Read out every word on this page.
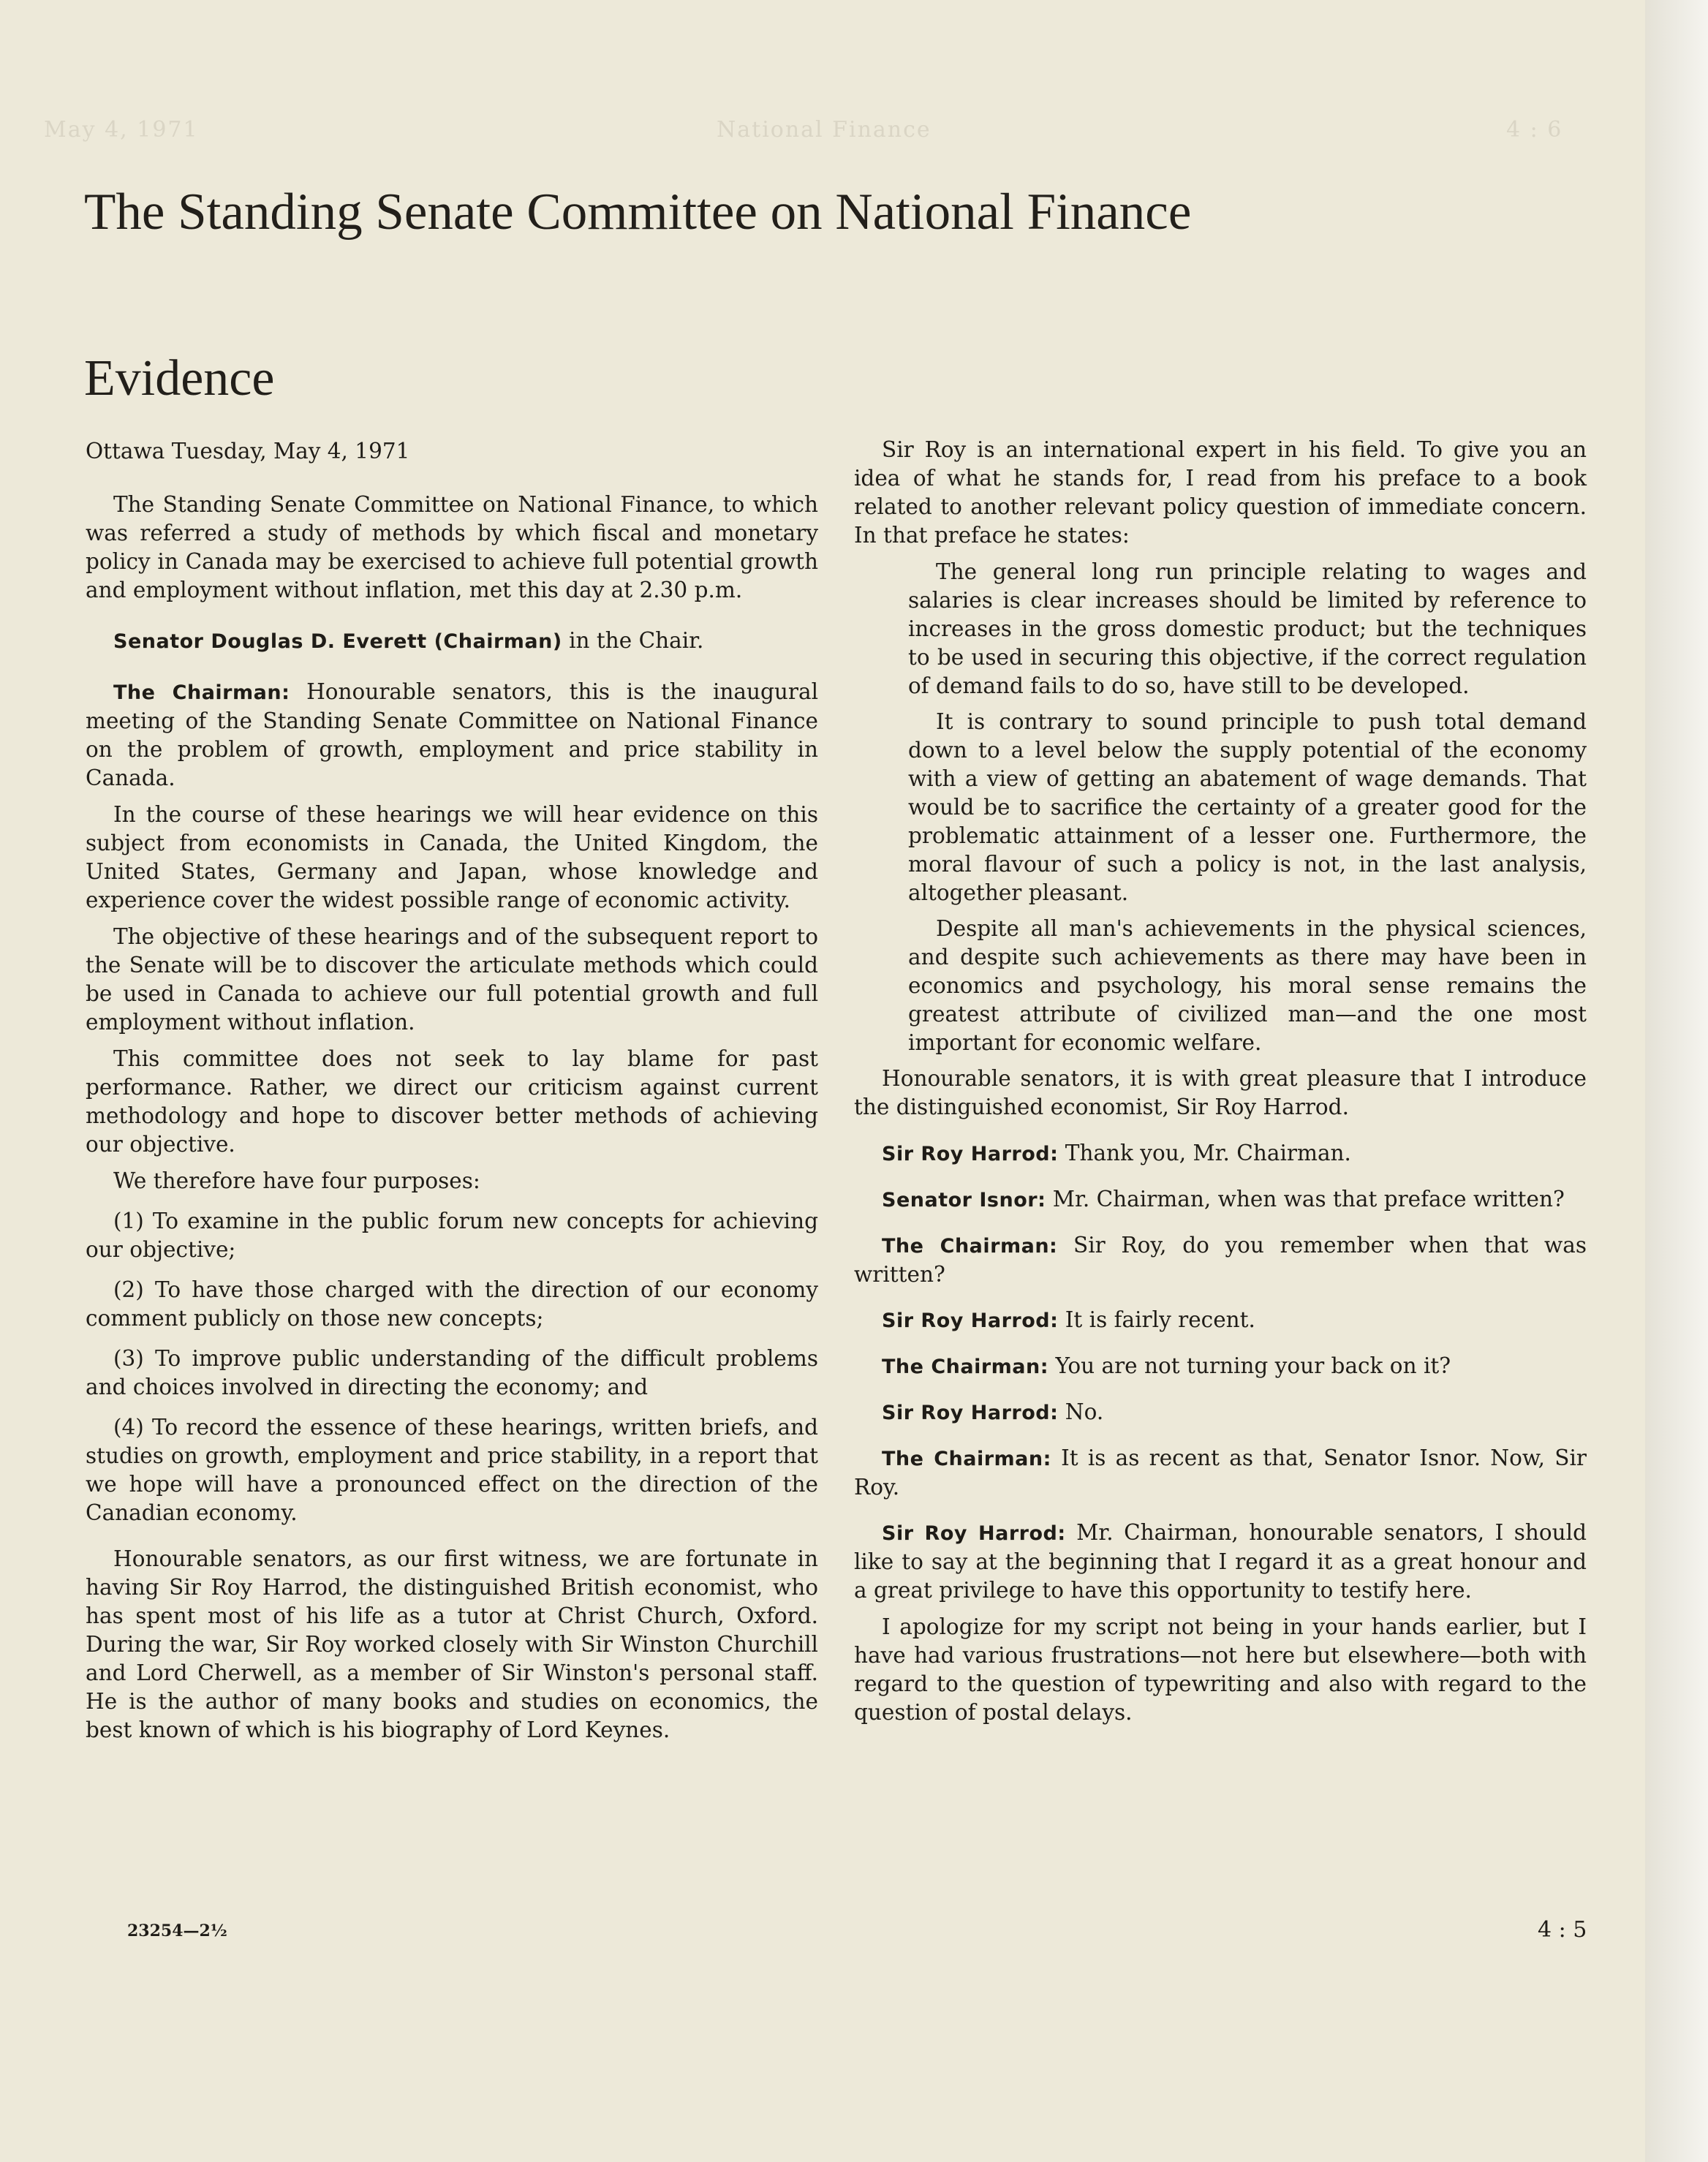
May 4, 1971	National Finance	4 : 6
The Standing Senate Committee on National Finance
Evidence

Ottawa Tuesday, May 4, 1971

The Standing Senate Committee on National Finance, to which was referred a study of methods by which fiscal and monetary policy in Canada may be exercised to achieve full potential growth and employment without inflation, met this day at 2.30 p.m.

Senator Douglas D. Everett (Chairman) in the Chair.

The Chairman: Honourable senators, this is the inaugural meeting of the Standing Senate Committee on National Finance on the problem of growth, employment and price stability in Canada.

In the course of these hearings we will hear evidence on this subject from economists in Canada, the United Kingdom, the United States, Germany and Japan, whose knowledge and experience cover the widest possible range of economic activity.

The objective of these hearings and of the subsequent report to the Senate will be to discover the articulate methods which could be used in Canada to achieve our full potential growth and full employment without inflation.

This committee does not seek to lay blame for past performance. Rather, we direct our criticism against current methodology and hope to discover better methods of achieving our objective.

We therefore have four purposes:

(1) To examine in the public forum new concepts for achieving our objective;

(2) To have those charged with the direction of our economy comment publicly on those new concepts;

(3) To improve public understanding of the difficult problems and choices involved in directing the economy; and

(4) To record the essence of these hearings, written briefs, and studies on growth, employment and price stability, in a report that we hope will have a pronounced effect on the direction of the Canadian economy.

Honourable senators, as our first witness, we are fortunate in having Sir Roy Harrod, the distinguished British economist, who has spent most of his life as a tutor at Christ Church, Oxford. During the war, Sir Roy worked closely with Sir Winston Churchill and Lord Cherwell, as a member of Sir Winston's personal staff. He is the author of many books and studies on economics, the best known of which is his biography of Lord Keynes.

Sir Roy is an international expert in his field. To give you an idea of what he stands for, I read from his preface to a book related to another relevant policy question of immediate concern. In that preface he states:

The general long run principle relating to wages and salaries is clear increases should be limited by reference to increases in the gross domestic product; but the techniques to be used in securing this objective, if the correct regulation of demand fails to do so, have still to be developed.

It is contrary to sound principle to push total demand down to a level below the supply potential of the economy with a view of getting an abatement of wage demands. That would be to sacrifice the certainty of a greater good for the problematic attainment of a lesser one. Furthermore, the moral flavour of such a policy is not, in the last analysis, altogether pleasant.

Despite all man's achievements in the physical sciences, and despite such achievements as there may have been in economics and psychology, his moral sense remains the greatest attribute of civilized man—and the one most important for economic welfare.

Honourable senators, it is with great pleasure that I introduce the distinguished economist, Sir Roy Harrod.

Sir Roy Harrod: Thank you, Mr. Chairman.

Senator Isnor: Mr. Chairman, when was that preface written?

The Chairman: Sir Roy, do you remember when that was written?

Sir Roy Harrod: It is fairly recent.

The Chairman: You are not turning your back on it?

Sir Roy Harrod: No.

The Chairman: It is as recent as that, Senator Isnor. Now, Sir Roy.

Sir Roy Harrod: Mr. Chairman, honourable senators, I should like to say at the beginning that I regard it as a great honour and a great privilege to have this opportunity to testify here.

I apologize for my script not being in your hands earlier, but I have had various frustrations—not here but elsewhere—both with regard to the question of typewriting and also with regard to the question of postal delays.

23254—2½	4 : 5
